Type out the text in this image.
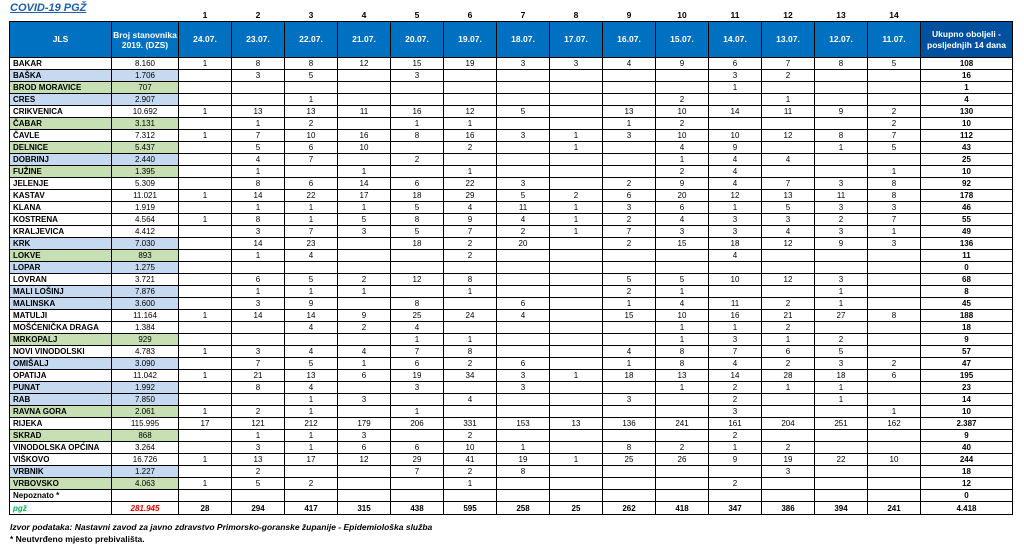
COVID-19 PGŽ
		1	2	3	4	5	6	7	8	9	10	11	12	13	14	
JLS	Broj stanovnika 2019. (DZS)	24.07.	23.07.	22.07.	21.07.	20.07.	19.07.	18.07.	17.07.	16.07.	15.07.	14.07.	13.07.	12.07.	11.07.	Ukupno oboljeli - posljednjih 14 dana
BAKAR	8.160	1	8	8	12	15	19	3	3	4	9	6	7	8	5	108
BAŠKA	1.706		3	5		3						3	2			16
BROD MORAVICE	707											1				1
CRES	2.907			1							2		1			4
CRIKVENICA	10.692	1	13	13	11	16	12	5		13	10	14	11	9	2	130
ČABAR	3.131		1	2		1	1			1	2				2	10
ČAVLE	7.312	1	7	10	16	8	16	3	1	3	10	10	12	8	7	112
DELNICE	5.437		5	6	10		2		1		4	9		1	5	43
DOBRINJ	2.440		4	7		2					1	4	4			25
FUŽINE	1.395		1		1		1				2	4			1	10
JELENJE	5.309		8	6	14	6	22	3		2	9	4	7	3	8	92
KASTAV	11.021	1	14	22	17	18	29	5	2	6	20	12	13	11	8	178
KLANA	1.919		1	1	1	5	4	11	1	3	6	1	5	3	3	46
KOSTRENA	4.564	1	8	1	5	8	9	4	1	2	4	3	3	2	7	55
KRALJEVICA	4.412		3	7	3	5	7	2	1	7	3	3	4	3	1	49
KRK	7.030		14	23		18	2	20		2	15	18	12	9	3	136
LOKVE	893		1	4			2					4				11
LOPAR	1.275															0
LOVRAN	3.721		6	5	2	12	8			5	5	10	12	3		68
MALI LOŠINJ	7.876		1	1	1		1			2	1			1		8
MALINSKA	3.600		3	9		8		6		1	4	11	2	1		45
MATULJI	11.164	1	14	14	9	25	24	4		15	10	16	21	27	8	188
MOŠĆENIČKA DRAGA	1.384			4	2	4					1	1	2			18
MRKOPALJ	929					1	1				1	3	1	2		9
NOVI VINODOLSKI	4.783	1	3	4	4	7	8			4	8	7	6	5		57
OMIŠALJ	3.090		7	5	1	6	2	6		1	8	4	2	3	2	47
OPATIJA	11.042	1	21	13	6	19	34	3	1	18	13	14	28	18	6	195
PUNAT	1.992		8	4		3		3			1	2	1	1		23
RAB	7.850			1	3		4			3		2		1		14
RAVNA GORA	2.061	1	2	1		1						3			1	10
RIJEKA	115.995	17	121	212	179	206	331	153	13	136	241	161	204	251	162	2.387
SKRAD	868		1	1	3		2					2				9
VINODOLSKA OPĆINA	3.264		3	1	6	6	10	1		8	2	1	2			40
VIŠKOVO	16.726	1	13	17	12	29	41	19	1	25	26	9	19	22	10	244
VRBNIK	1.227		2			7	2	8					3			18
VRBOVSKO	4.063	1	5	2			1					2				12
Nepoznato *																0
pgž	281.945	28	294	417	315	438	595	258	25	262	418	347	386	394	241	4.418
Izvor podataka: Nastavni zavod za javno zdravstvo Primorsko-goranske županije - Epidemiološka služba
* Neutvrđeno mjesto prebivališta.
